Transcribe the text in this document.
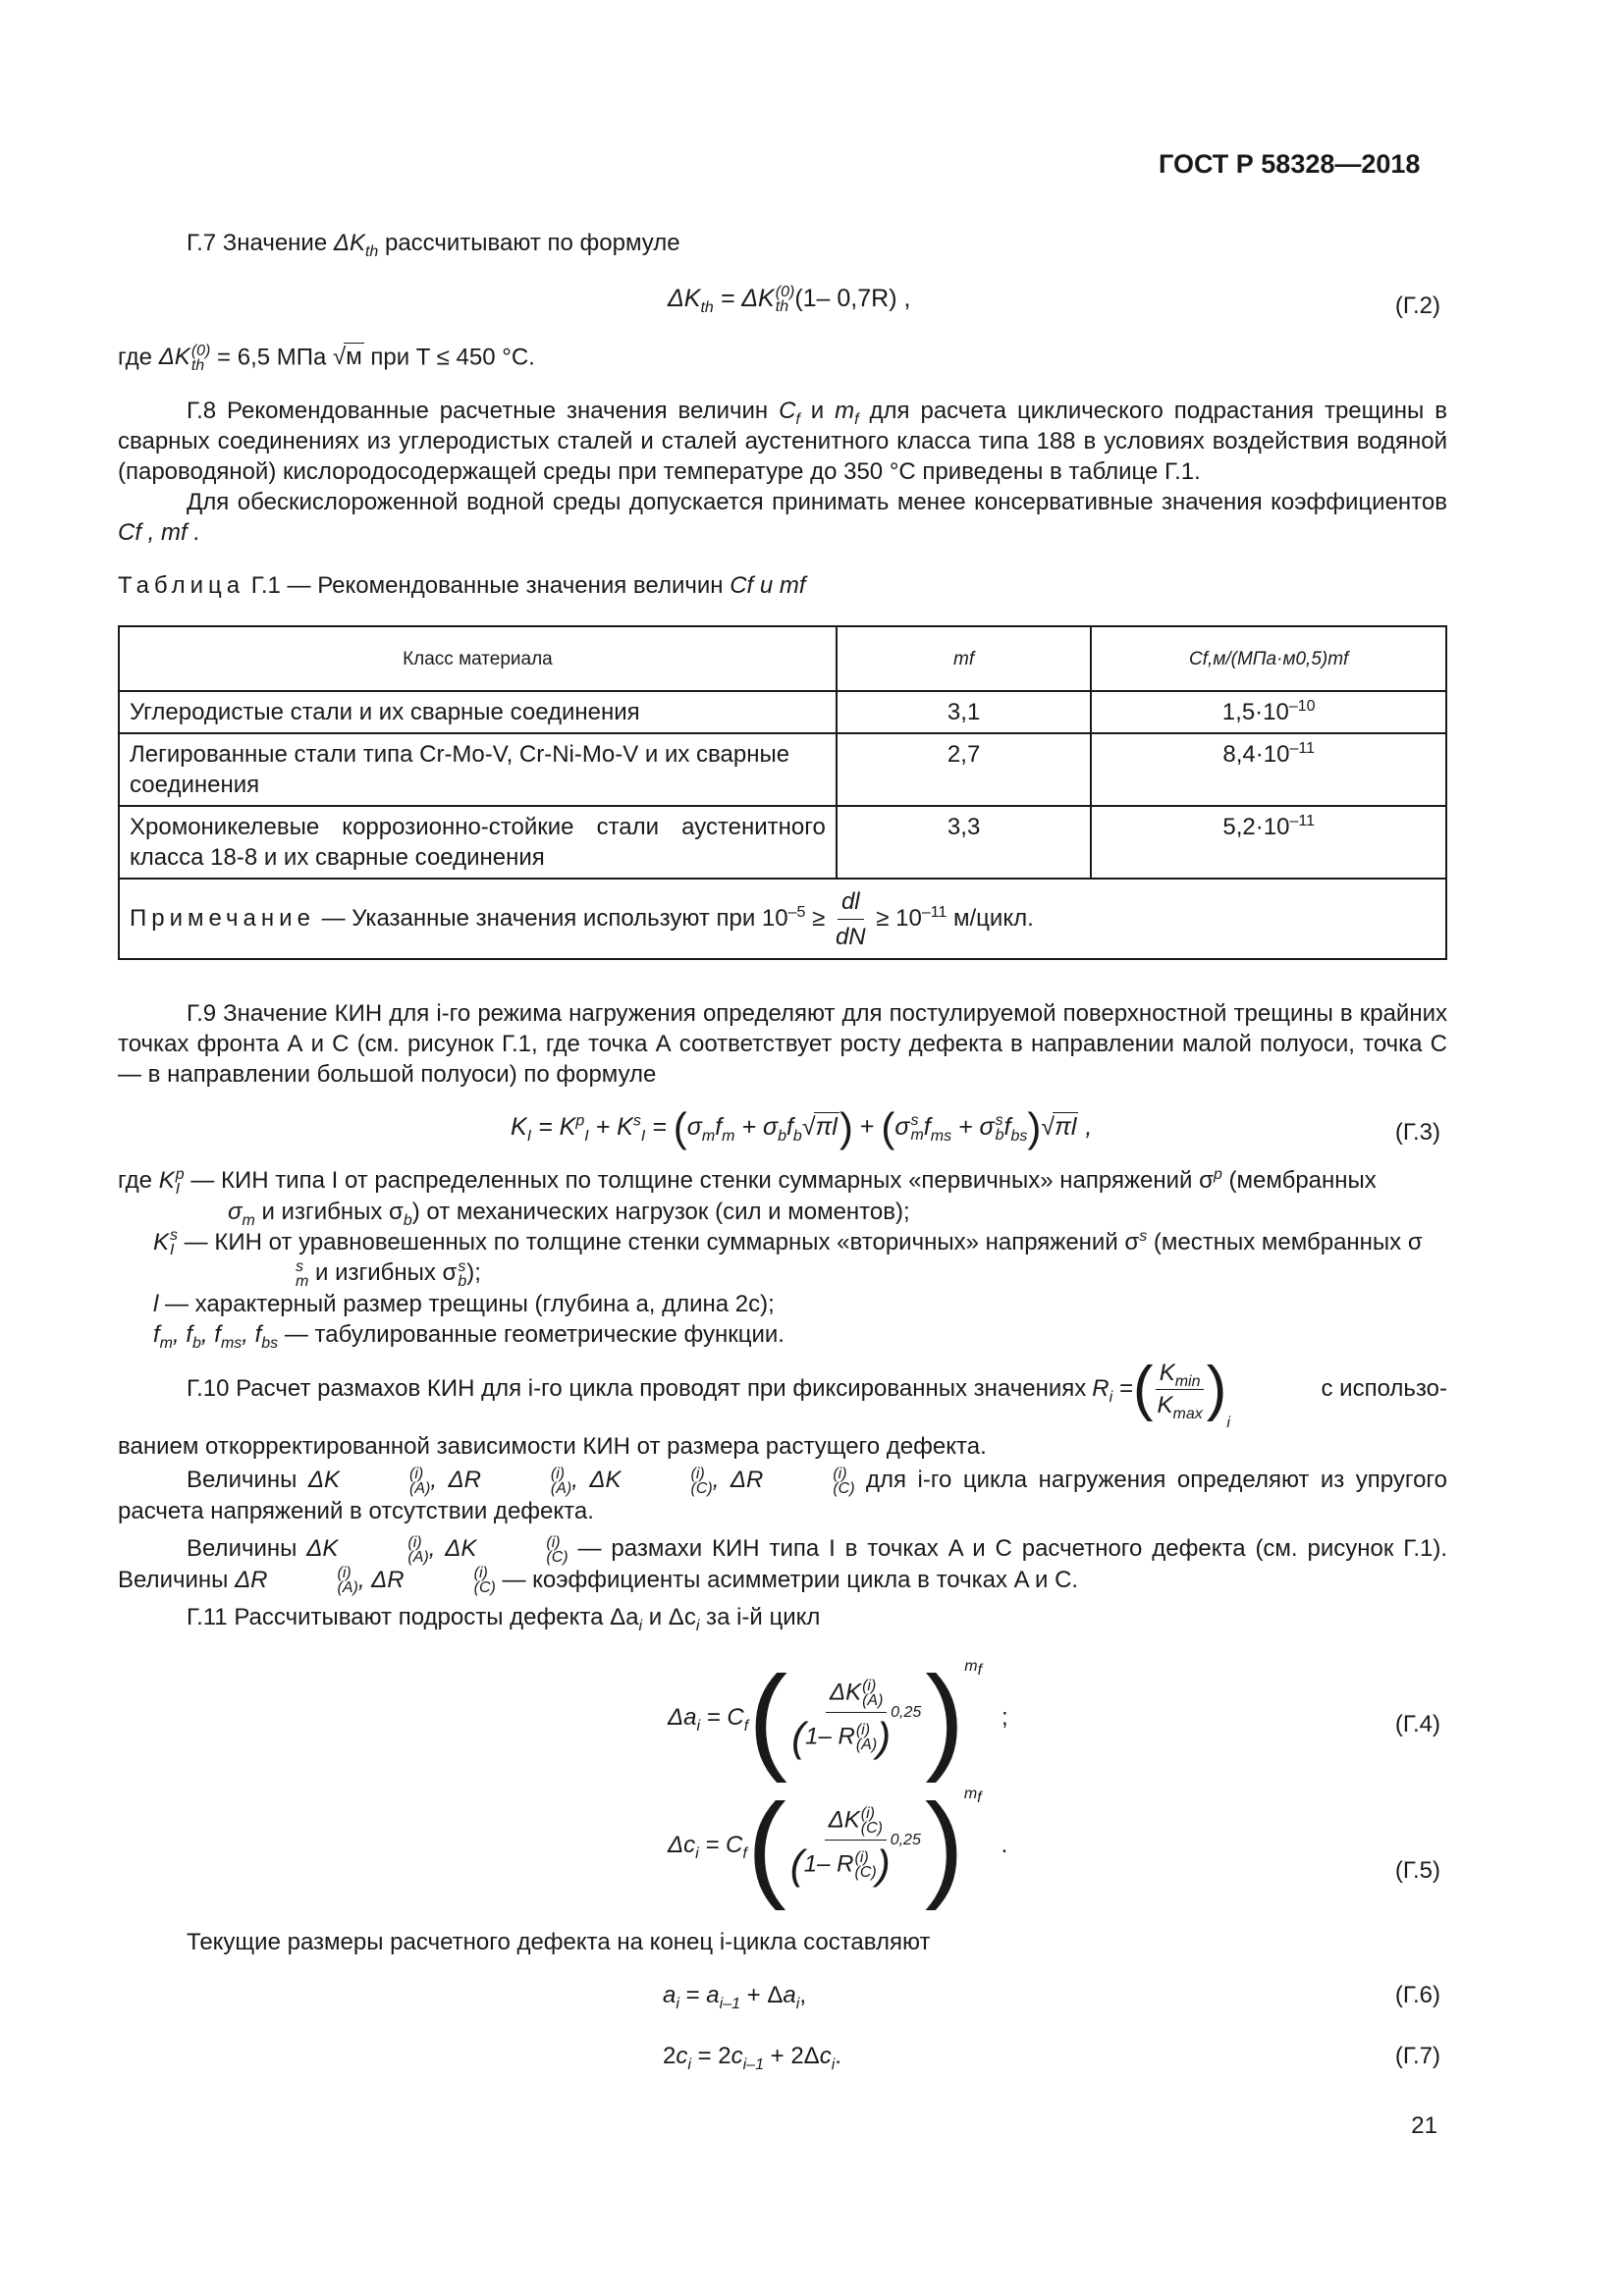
ГОСТ Р 58328—2018
Г.7 Значение $\Delta K_{th}$ рассчитывают по формуле
$\Delta K_{th} = \Delta K$ (0)
th (1– 0,7R) ,	(Г.2)
где ΔK (0)
th = 6,5 МПа √м при T ≤ 450 °С.
Г.8 Рекомендованные расчетные значения величин $C_f$ и $m_f$ для расчета циклического подрастания трещины в сварных соединениях из углеродистых сталей и сталей аустенитного класса типа 188 в условиях воздействия водяной (пароводяной) кислородосодержащей среды при температуре до 350 °С приведены в таблице Г.1.
Для обескислороженной водной среды допускается принимать менее консервативные значения коэффициентов Cf , mf .
Таблица Г.1 — Рекомендованные значения величин Cf и mf
Класс материала	mf	Cf,м/(МПа·м0,5)mf
Углеродистые стали и их сварные соединения	3,1	$1,5\cdot 10^{-10}$
Легированные стали типа Cr-Mo-V, Cr-Ni-Mo-V и их сварные соединения	2,7	$8,4\cdot 10^{-11}$
Хромоникелевые коррозионно-стойкие стали аустенитного класса 18-8 и их сварные соединения	3,3	$5,2\cdot 10^{-11}$
Примечание — Указанные значения используют при $10^{-5} \ge \frac{dl}{dN} \ge 10^{-11}$ м/цикл.		
Г.9 Значение КИН для i-го режима нагружения определяют для постулируемой поверхностной трещины в крайних точках фронта А и С (см. рисунок Г.1, где точка А соответствует росту дефекта в направлении малой полуоси, точка С — в направлении большой полуоси) по формуле
$K_I = K^p_I + K^s_I = (\sigma_mf_m + \sigma_bf_b√\pi l) + (\sigma$ s
m $f_{ms} + \sigma$ s
b $f_{bs})√\pi l$ ,	(Г.3)
где K p
I — КИН типа I от распределенных по толщине стенки суммарных «первичных» напряжений $\sigma^p$ (мембранных
$\sigma_m$ и изгибных $\sigma_b$) от механических нагрузок (сил и моментов);
K s
I — КИН от уравновешенных по толщине стенки суммарных «вторичных» напряжений $\sigma^s$ (местных мембранных σ
s
m и изгибных σ s
b );
l — характерный размер трещины (глубина а, длина 2с);
$f_m$, $f_b$, $f_{ms}$, $f_{bs}$ — табулированные геометрические функции.
Г.10 Расчет размахов КИН для i-го цикла проводят при фиксированных значениях $R_i$ = ( $\frac{K_{min}}{K_{max}}$ )
i
с использо-
ванием откорректированной зависимости КИН от размера растущего дефекта.
Величины ΔK	(i)
(A) , ΔR	(i)
(A) , ΔK	(i)
(C) , ΔR	(i)
(C) для i-го цикла нагружения определяют из упругого расчета напряжений в отсутствии дефекта.
Величины ΔK	(i)
(A) , ΔK	(i)
(C) — размахи КИН типа I в точках A и C расчетного дефекта (см. рисунок Г.1). Величины ΔR	(i)
(A) , ΔR	(i)
(C) — коэффициенты асимметрии цикла в точках A и C.
Г.11 Рассчитывают подросты дефекта $\Delta a_i$ и $\Delta c_i$ за i-й цикл
$\Delta a_i = C_f$ ( ΔK (i)
(A)
(1– R (i)
(A) )$^{0,25}$ )$^{m_f}$
;	(Г.4)
$\Delta c_i = C_f$ ( ΔK (i)
(C)
(1– R (i)
(C) )$^{0,25}$ )$^{m_f}$
.
(Г.5)
Текущие размеры расчетного дефекта на конец i-цикла составляют
$a_i = a_{i-1} + \Delta a_i$,	(Г.6)
$2c_i = 2c_{i-1} + 2\Delta c_i$.	(Г.7)
21
